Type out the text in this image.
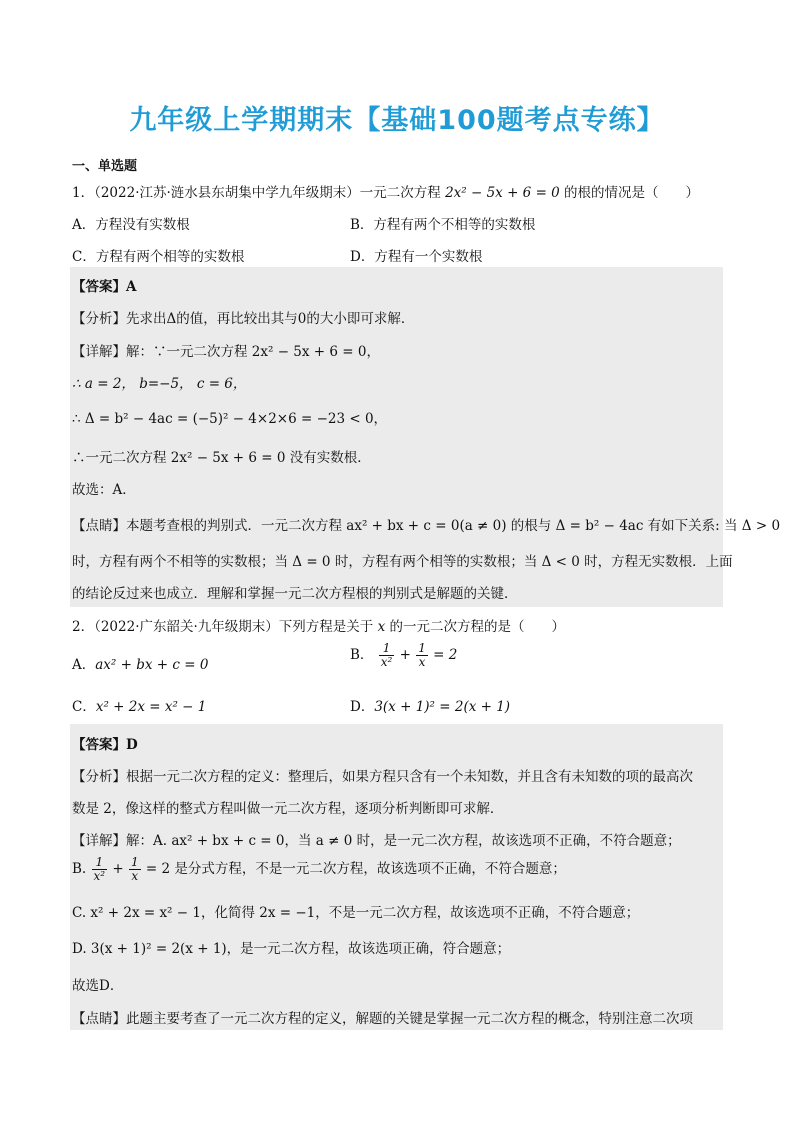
九年级上学期期末【基础100题考点专练】
一、单选题
1．（2022·江苏·涟水县东胡集中学九年级期末）一元二次方程 2x² − 5x + 6 = 0 的根的情况是（　　）
A．方程没有实数根	B．方程有两个不相等的实数根
C．方程有两个相等的实数根	D．方程有一个实数根
【答案】A
【分析】先求出Δ的值，再比较出其与0的大小即可求解．
【详解】解：∵一元二次方程 2x² − 5x + 6 = 0，
∴ a = 2， b=−5， c = 6，
∴ Δ = b² − 4ac = (−5)² − 4×2×6 = −23 < 0，
∴一元二次方程 2x² − 5x + 6 = 0 没有实数根．
故选：A．
【点睛】本题考查根的判别式．一元二次方程 ax² + bx + c = 0(a ≠ 0) 的根与 Δ = b² − 4ac 有如下关系: 当 Δ > 0
时，方程有两个不相等的实数根；当 Δ = 0 时，方程有两个相等的实数根；当 Δ < 0 时，方程无实数根．上面
的结论反过来也成立．理解和掌握一元二次方程根的判别式是解题的关键．
2．（2022·广东韶关·九年级期末）下列方程是关于 x 的一元二次方程的是（　　）
A．ax² + bx + c = 0
B． $\frac{1}{\text{x²}} + \frac{1}{x} = 2$
C．x² + 2x = x² − 1	D．3(x + 1)² = 2(x + 1)
【答案】D
【分析】根据一元二次方程的定义：整理后，如果方程只含有一个未知数，并且含有未知数的项的最高次
数是 2，像这样的整式方程叫做一元二次方程，逐项分析判断即可求解．
【详解】解：A. ax² + bx + c = 0，当 a ≠ 0 时，是一元二次方程，故该选项不正确，不符合题意；
B. $\frac{1}{\text{x²}} + \frac{1}{x} = 2$ 是分式方程，不是一元二次方程，故该选项不正确，不符合题意；
C. x² + 2x = x² − 1，化简得 2x = −1，不是一元二次方程，故该选项不正确，不符合题意；
D. 3(x + 1)² = 2(x + 1)，是一元二次方程，故该选项正确，符合题意；
故选D．
【点睛】此题主要考查了一元二次方程的定义，解题的关键是掌握一元二次方程的概念，特别注意二次项
